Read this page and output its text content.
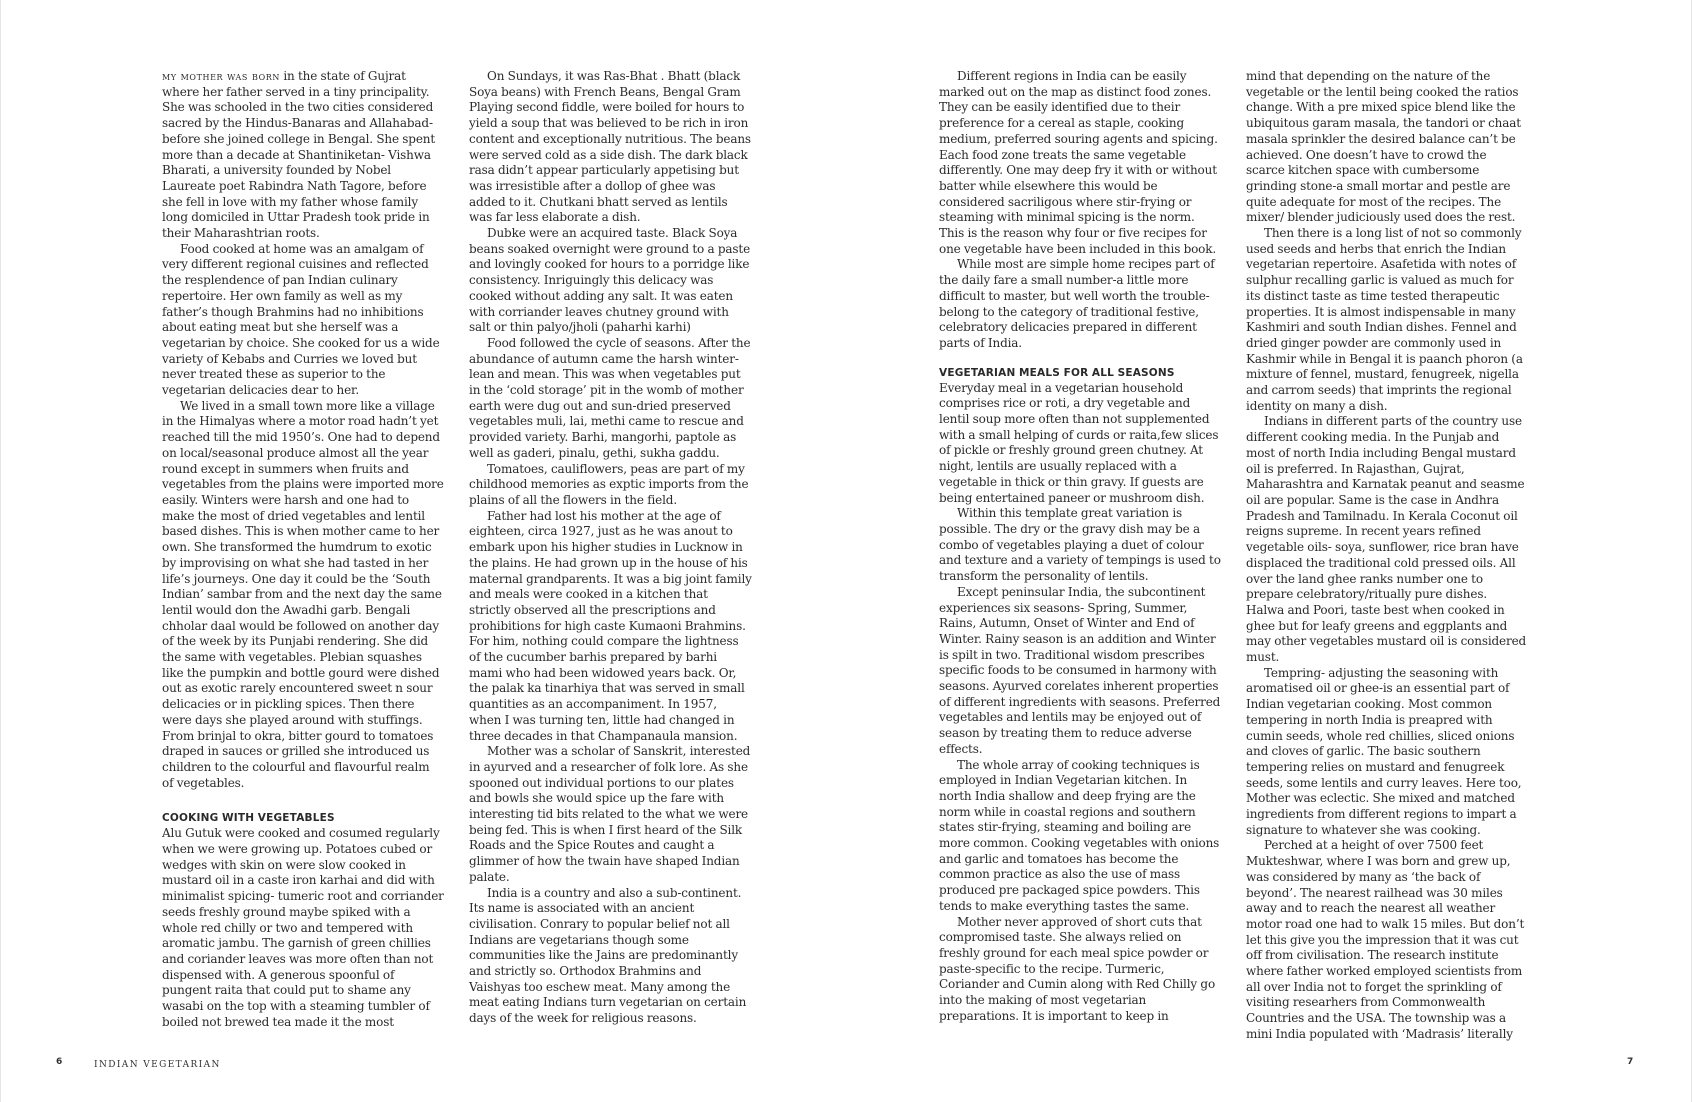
my mother was born in the state of Gujrat where her father served in a tiny principality. She was schooled in the two cities considered sacred by the Hindus-Banaras and Allahabad- before she joined college in Bengal. She spent more than a decade at Shantiniketan- Vishwa Bharati, a university founded by Nobel Laureate poet Rabindra Nath Tagore, before she fell in love with my father whose family long domiciled in Uttar Pradesh took pride in their Maharashtrian roots.

Food cooked at home was an amalgam of very different regional cuisines and reflected the resplendence of pan Indian culinary repertoire. Her own family as well as my father’s though Brahmins had no inhibitions about eating meat but she herself was a vegetarian by choice. She cooked for us a wide variety of Kebabs and Curries we loved but never treated these as superior to the vegetarian delicacies dear to her.

We lived in a small town more like a village in the Himalyas where a motor road hadn’t yet reached till the mid 1950’s. One had to depend on local/seasonal produce almost all the year round except in summers when fruits and vegetables from the plains were imported more easily. Winters were harsh and one had to make the most of dried vegetables and lentil based dishes. This is when mother came to her own. She transformed the humdrum to exotic by improvising on what she had tasted in her life’s journeys. One day it could be the ‘South Indian’ sambar from and the next day the same lentil would don the Awadhi garb. Bengali chholar daal would be followed on another day of the week by its Punjabi rendering. She did the same with vegetables. Plebian squashes like the pumpkin and bottle gourd were dished out as exotic rarely encountered sweet n sour delicacies or in pickling spices. Then there were days she played around with stuffings. From brinjal to okra, bitter gourd to tomatoes draped in sauces or grilled she introduced us children to the colourful and flavourful realm of vegetables.

COOKING WITH VEGETABLES

Alu Gutuk were cooked and cosumed regularly when we were growing up. Potatoes cubed or wedges with skin on were slow cooked in mustard oil in a caste iron karhai and did with minimalist spicing- tumeric root and corriander seeds freshly ground maybe spiked with a whole red chilly or two and tempered with aromatic jambu. The garnish of green chillies and coriander leaves was more often than not dispensed with. A generous spoonful of pungent raita that could put to shame any wasabi on the top with a steaming tumbler of boiled not brewed tea made it the most

On Sundays, it was Ras-Bhat . Bhatt (black Soya beans) with French Beans, Bengal Gram Playing second fiddle, were boiled for hours to yield a soup that was believed to be rich in iron content and exceptionally nutritious. The beans were served cold as a side dish. The dark black rasa didn’t appear particularly appetising but was irresistible after a dollop of ghee was added to it. Chutkani bhatt served as lentils was far less elaborate a dish.

Dubke were an acquired taste. Black Soya beans soaked overnight were ground to a paste and lovingly cooked for hours to a porridge like consistency. Inriguingly this delicacy was cooked without adding any salt. It was eaten with corriander leaves chutney ground with salt or thin palyo/jholi (paharhi karhi)

Food followed the cycle of seasons. After the abundance of autumn came the harsh winter- lean and mean. This was when vegetables put in the ‘cold storage’ pit in the womb of mother earth were dug out and sun-dried preserved vegetables muli, lai, methi came to rescue and provided variety. Barhi, mangorhi, paptole as well as gaderi, pinalu, gethi, sukha gaddu.

Tomatoes, cauliflowers, peas are part of my childhood memories as exptic imports from the plains of all the flowers in the field.

Father had lost his mother at the age of eighteen, circa 1927, just as he was anout to embark upon his higher studies in Lucknow in the plains. He had grown up in the house of his maternal grandparents. It was a big joint family and meals were cooked in a kitchen that strictly observed all the prescriptions and prohibitions for high caste Kumaoni Brahmins. For him, nothing could compare the lightness of the cucumber barhis prepared by barhi mami who had been widowed years back. Or, the palak ka tinarhiya that was served in small quantities as an accompaniment. In 1957, when I was turning ten, little had changed in three decades in that Champanaula mansion.

Mother was a scholar of Sanskrit, interested in ayurved and a researcher of folk lore. As she spooned out individual portions to our plates and bowls she would spice up the fare with interesting tid bits related to the what we were being fed. This is when I first heard of the Silk Roads and the Spice Routes and caught a glimmer of how the twain have shaped Indian palate.

India is a country and also a sub-continent. Its name is associated with an ancient civilisation. Conrary to popular belief not all Indians are vegetarians though some communities like the Jains are predominantly and strictly so. Orthodox Brahmins and Vaishyas too eschew meat. Many among the meat eating Indians turn vegetarian on certain days of the week for religious reasons.

Different regions in India can be easily marked out on the map as distinct food zones. They can be easily identified due to their preference for a cereal as staple, cooking medium, preferred souring agents and spicing. Each food zone treats the same vegetable differently. One may deep fry it with or without batter while elsewhere this would be considered sacriligous where stir-frying or steaming with minimal spicing is the norm. This is the reason why four or five recipes for one vegetable have been included in this book.

While most are simple home recipes part of the daily fare a small number-a little more difficult to master, but well worth the trouble- belong to the category of traditional festive, celebratory delicacies prepared in different parts of India.

VEGETARIAN MEALS FOR ALL SEASONS

Everyday meal in a vegetarian household comprises rice or roti, a dry vegetable and lentil soup more often than not supplemented with a small helping of curds or raita,few slices of pickle or freshly ground green chutney. At night, lentils are usually replaced with a vegetable in thick or thin gravy. If guests are being entertained paneer or mushroom dish.

Within this template great variation is possible. The dry or the gravy dish may be a combo of vegetables playing a duet of colour and texture and a variety of tempings is used to transform the personality of lentils.

Except peninsular India, the subcontinent experiences six seasons- Spring, Summer, Rains, Autumn, Onset of Winter and End of Winter. Rainy season is an addition and Winter is spilt in two. Traditional wisdom prescribes specific foods to be consumed in harmony with seasons. Ayurved corelates inherent properties of different ingredients with seasons. Preferred vegetables and lentils may be enjoyed out of season by treating them to reduce adverse effects.

The whole array of cooking techniques is employed in Indian Vegetarian kitchen. In north India shallow and deep frying are the norm while in coastal regions and southern states stir-frying, steaming and boiling are more common. Cooking vegetables with onions and garlic and tomatoes has become the common practice as also the use of mass produced pre packaged spice powders. This tends to make everything tastes the same.

Mother never approved of short cuts that compromised taste. She always relied on freshly ground for each meal spice powder or paste-specific to the recipe. Turmeric, Coriander and Cumin along with Red Chilly go into the making of most vegetarian preparations. It is important to keep in

mind that depending on the nature of the vegetable or the lentil being cooked the ratios change. With a pre mixed spice blend like the ubiquitous garam masala, the tandori or chaat masala sprinkler the desired balance can’t be achieved. One doesn’t have to crowd the scarce kitchen space with cumbersome grinding stone-a small mortar and pestle are quite adequate for most of the recipes. The mixer/ blender judiciously used does the rest.

Then there is a long list of not so commonly used seeds and herbs that enrich the Indian vegetarian repertoire. Asafetida with notes of sulphur recalling garlic is valued as much for its distinct taste as time tested therapeutic properties. It is almost indispensable in many Kashmiri and south Indian dishes. Fennel and dried ginger powder are commonly used in Kashmir while in Bengal it is paanch phoron (a mixture of fennel, mustard, fenugreek, nigella and carrom seeds) that imprints the regional identity on many a dish.

Indians in different parts of the country use different cooking media. In the Punjab and most of north India including Bengal mustard oil is preferred. In Rajasthan, Gujrat, Maharashtra and Karnatak peanut and seasme oil are popular. Same is the case in Andhra Pradesh and Tamilnadu. In Kerala Coconut oil reigns supreme. In recent years refined vegetable oils- soya, sunflower, rice bran have displaced the traditional cold pressed oils. All over the land ghee ranks number one to prepare celebratory/ritually pure dishes. Halwa and Poori, taste best when cooked in ghee but for leafy greens and eggplants and may other vegetables mustard oil is considered must.

Tempring- adjusting the seasoning with aromatised oil or ghee-is an essential part of Indian vegetarian cooking. Most common tempering in north India is preapred with cumin seeds, whole red chillies, sliced onions and cloves of garlic. The basic southern tempering relies on mustard and fenugreek seeds, some lentils and curry leaves. Here too, Mother was eclectic. She mixed and matched ingredients from different regions to impart a signature to whatever she was cooking.

Perched at a height of over 7500 feet Mukteshwar, where I was born and grew up, was considered by many as ‘the back of beyond’. The nearest railhead was 30 miles away and to reach the nearest all weather motor road one had to walk 15 miles. But don’t let this give you the impression that it was cut off from civilisation. The research institute where father worked employed scientists from all over India not to forget the sprinkling of visiting researhers from Commonwealth Countries and the USA. The township was a mini India populated with ‘Madrasis’ literally

6	INDIAN VEGETARIAN	7
